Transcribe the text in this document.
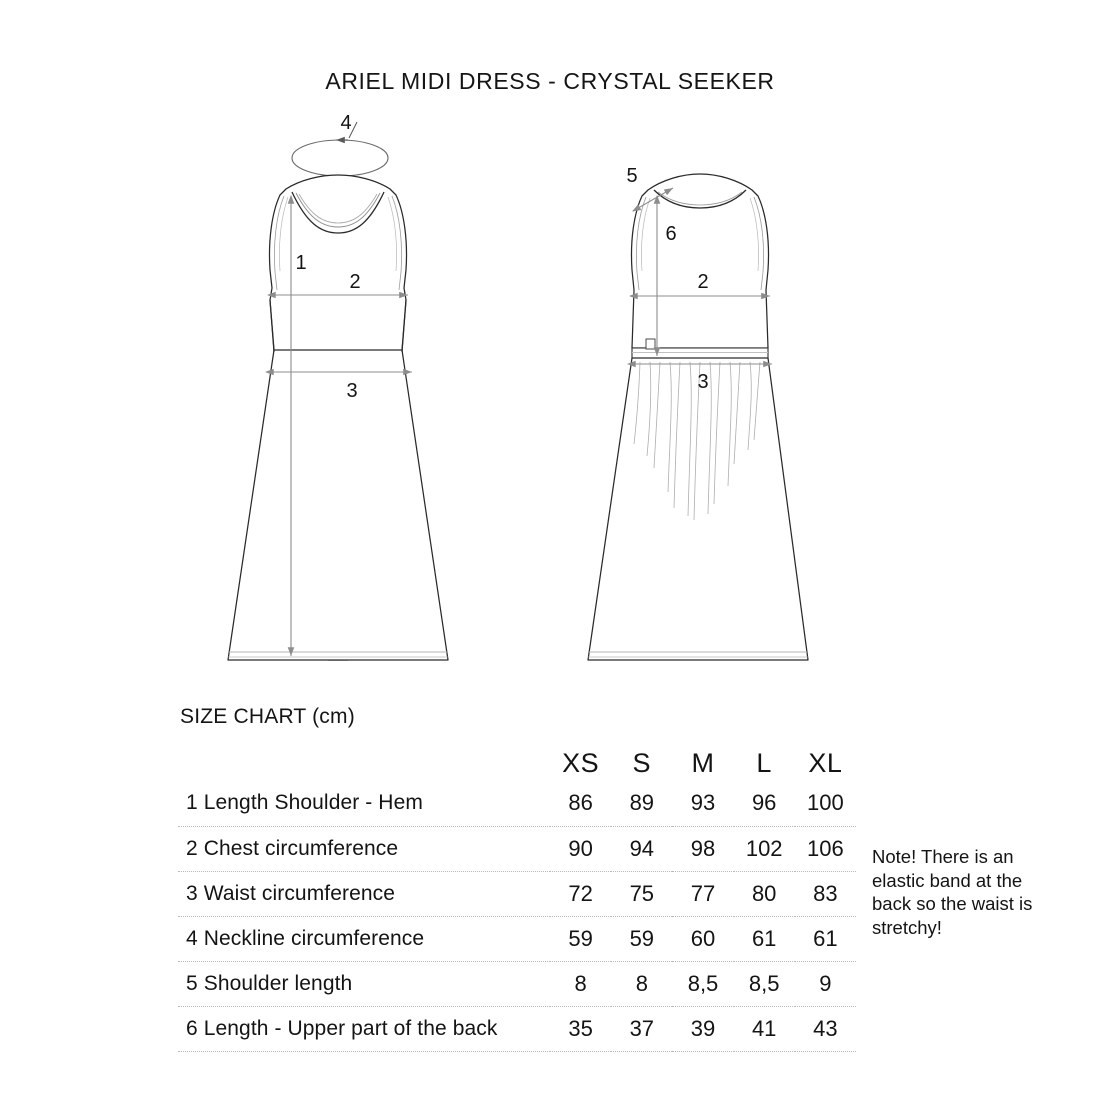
ARIEL MIDI DRESS - CRYSTAL SEEKER
4
1
2
3
5
6
2
3
SIZE CHART (cm)
	XS	S	M	L	XL
1 Length Shoulder - Hem	86	89	93	96	100
2 Chest circumference	90	94	98	102	106
3 Waist circumference	72	75	77	80	83
4 Neckline circumference	59	59	60	61	61
5 Shoulder length	8	8	8,5	8,5	9
6 Length - Upper part of the back	35	37	39	41	43

Note! There is an elastic band at the back so the waist is stretchy!
